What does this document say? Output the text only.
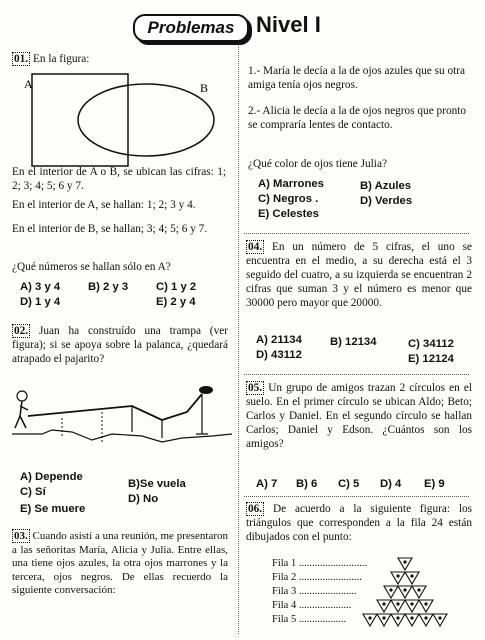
Problemas Nivel I
01. En la figura:
A	B
En el interior de A o B, se ubican las cifras: 1; 2; 3; 4; 5; 6 y 7.
En el interior de A, se hallan: 1; 2; 3 y 4.
En el interior de B, se hallan; 3; 4; 5; 6 y 7.
¿Qué números se hallan sólo en A?
A) 3 y 4 B) 2 y 3 C) 1 y 2
D) 1 y 4	E) 2 y 4
02. Juan ha construído una trampa (ver figura); si se apoya sobre la palanca, ¿quedará atrapado el pajarito?
A) Depende
B)Se vuela
C) Sí
D) No
E) Se muere
03. Cuando asistí a una reunión, me presentaron a las señoritas María, Alicia y Julia. Entre ellas, una tiene ojos azules, la otra ojos marrones y la tercera, ojos negros. De ellas recuerdo la siguiente conversación:
1.- María le decía a la de ojos azules que su otra amiga tenía ojos negros.
2.- Alicia le decía a la de ojos negros que pronto se compraría lentes de contacto.
¿Qué color de ojos tiene Julia?
A) Marrones	B) Azules
C) Negros .	D) Verdes
E) Celestes
04. En un número de 5 cifras, el uno se encuentra en el medio, a su derecha está el 3 seguido del cuatro, a su izquierda se encuentran 2 cifras que suman 3 y el número es menor que 30000 pero mayor que 20000.
A) 21134 B) 12134	C) 34112
D) 43112	E) 12124
05. Un grupo de amigos trazan 2 círculos en el suelo. En el primer círculo se ubican Aldo; Beto; Carlos y Daniel. En el segundo círculo se hallan Carlos; Daniel y Edson. ¿Cuántos son los amigos?
A) 7 B) 6 C) 5 D) 4 E) 9
06. De acuerdo a la siguiente figura: los triángulos que corresponden a la fila 24 están dibujados con el punto:
Fila 1 ..........................
Fila 2 ........................
Fila 3 ......................
Fila 4 ....................
Fila 5 ..................
